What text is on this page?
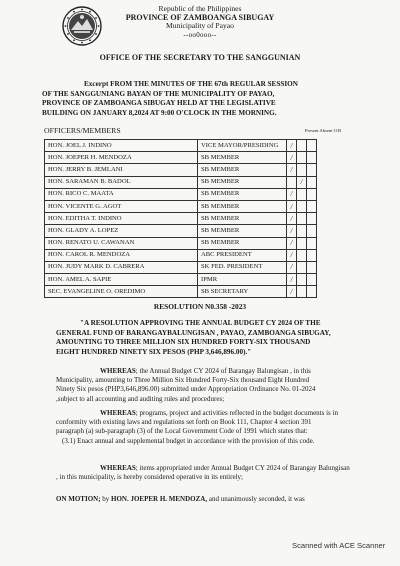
Republic of the Philippines
PROVINCE OF ZAMBOANGA SIBUGAY
Municipality of Payao
--oo0ooo--
OFFICE OF THE SECRETARY TO THE SANGGUNIAN
Excerpt FROM THE MINUTES OF THE 67th REGULAR SESSION
OF THE SANGGUNIANG BAYAN OF THE MUNICIPALITY OF PAYAO,
PROVINCE OF ZAMBOANGA SIBUGAY HELD AT THE LEGISLATIVE
BUILDING ON JANUARY 8,2024 AT 9:00 O'CLOCK IN THE MORNING.
OFFICERS/MEMBERS	Present Absent O.B
HON. JOEL J. INDINO	VICE MAYOR/PRESIDING	/		
HON. JOEPER H. MENDOZA	SB MEMBER	/		
HON. JERRY B. JEMLANI	SB MEMBER	/		
HON. SARAMAN B. BADOL	SB MEMBER		/	
HON. RICO C. MAATA	SB MEMBER	/		
HON. VICENTE G. AGOT	SB MEMBER	/		
HON. EDITHA T. INDINO	SB MEMBER	/		
HON. GLADY A. LOPEZ	SB MEMBER	/		
HON. RENATO U. CAWANAN	SB MEMBER	/		
HON. CAROL R. MENDOZA	ABC PRESIDENT	/		
HON. JUDY MARK D. CABRERA	SK FED. PRESIDENT	/		
HON. AMEL A. SAPIE	IPMR	/		
SEC. EVANGELINE O. OREDIMO	SB SECRETARY	/		
RESOLUTION N0.358 -2023
"A RESOLUTION APPROVING THE ANNUAL BUDGET CY 2024 OF THE
GENERAL FUND OF BARANGAYBALUNGISAN , PAYAO, ZAMBOANGA SIBUGAY,
AMOUNTING TO THREE MILLION SIX HUNDRED FORTY-SIX THOUSAND
EIGHT HUNDRED NINETY SIX PESOS (PHP 3,646,896.00)."
WHEREAS; the Annual Budget CY 2024 of Barangay Balungisan , in this
Municipality, amounting to Three Million Six Hundred Forty-Six thousand Eight Hundred
Ninety Six pesos (PHP3,646,896.00) submitted under Appropriation Ordinance No. 01-2024
,subject to all accounting and auditing rules and procedures;
WHEREAS; programs, project and activities reflected in the budget documents is in
conformity with existing laws and regulations set forth on Book 111, Chapter 4 section 391
paragraph (a) sub-paragraph (3) of the Local Government Code of 1991 which states that:
(3.1) Enact annual and supplemental budget in accordance with the provision of this code.
WHEREAS; items appropriated under Annual Budget CY 2024 of Barangay Balungisan
, in this municipality, is hereby considered operative in its entirely;
ON MOTION; by HON. JOEPER H. MENDOZA, and unanimously seconded, it was
Scanned with ACE Scanner
